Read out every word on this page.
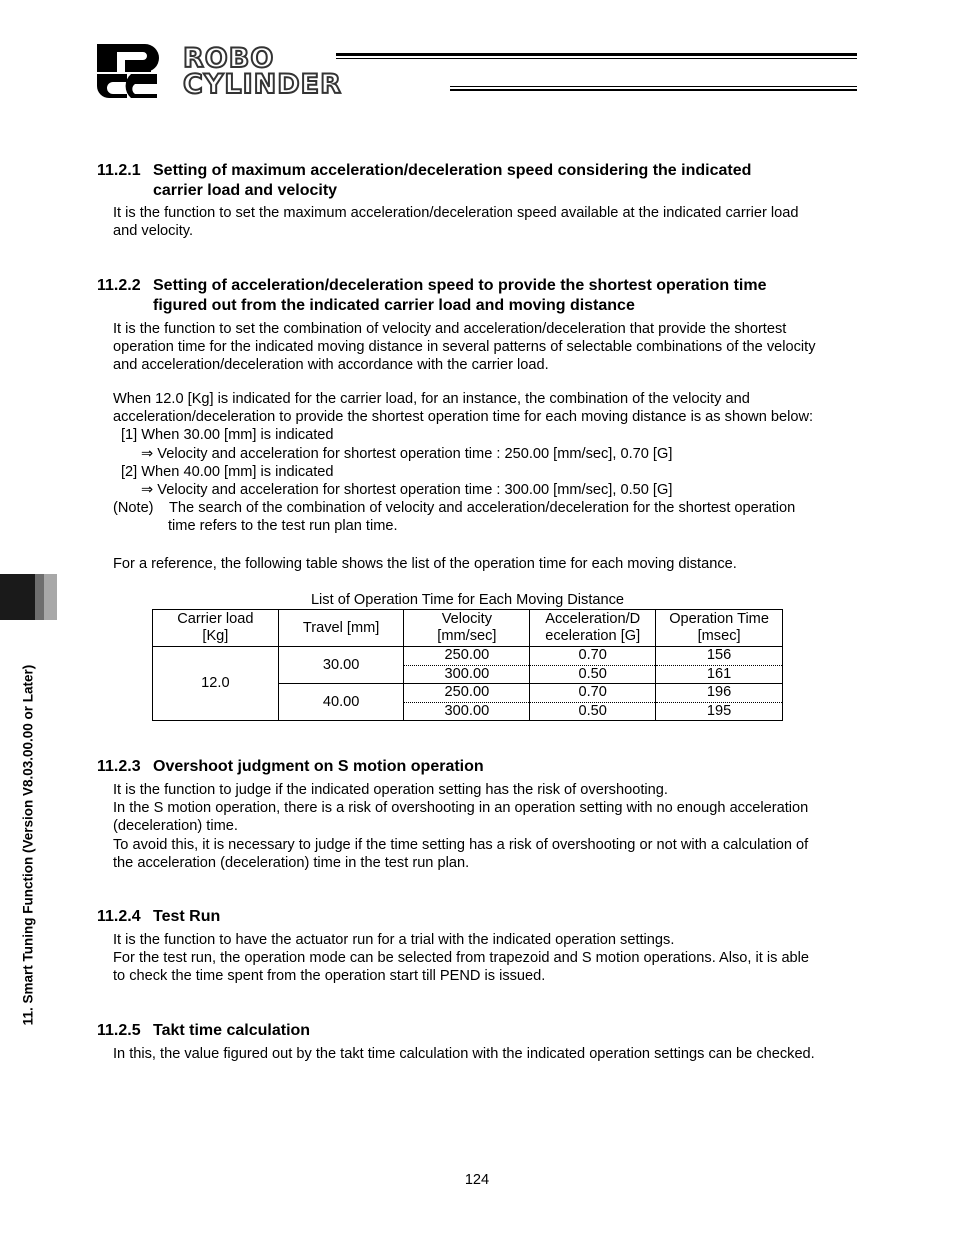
ROBO
CYLINDER
11. Smart Tuning Function (Version V8.03.00.00 or Later)
11.2.1 Setting of maximum acceleration/deceleration speed considering the indicated
carrier load and velocity

It is the function to set the maximum acceleration/deceleration speed available at the indicated carrier load

and velocity.

11.2.2 Setting of acceleration/deceleration speed to provide the shortest operation time
figured out from the indicated carrier load and moving distance

It is the function to set the combination of velocity and acceleration/deceleration that provide the shortest

operation time for the indicated moving distance in several patterns of selectable combinations of the velocity

and acceleration/deceleration with accordance with the carrier load.

When 12.0 [Kg] is indicated for the carrier load, for an instance, the combination of the velocity and

acceleration/deceleration to provide the shortest operation time for each moving distance is as shown below:

[1] When 30.00 [mm] is indicated

⇒ Velocity and acceleration for shortest operation time : 250.00 [mm/sec], 0.70 [G]

[2] When 40.00 [mm] is indicated

⇒ Velocity and acceleration for shortest operation time : 300.00 [mm/sec], 0.50 [G]

(Note) The search of the combination of velocity and acceleration/deceleration for the shortest operation

time refers to the test run plan time.

For a reference, the following table shows the list of the operation time for each moving distance.

List of Operation Time for Each Moving Distance
Carrier load
[Kg]	Travel [mm]	Velocity
[mm/sec]	Acceleration/D
eceleration [G]	Operation Time
[msec]
12.0	30.00	250.00	0.70	156
		300.00	0.50	161
	40.00	250.00	0.70	196
		300.00	0.50	195
11.2.3 Overshoot judgment on S motion operation

It is the function to judge if the indicated operation setting has the risk of overshooting.

In the S motion operation, there is a risk of overshooting in an operation setting with no enough acceleration

(deceleration) time.

To avoid this, it is necessary to judge if the time setting has a risk of overshooting or not with a calculation of

the acceleration (deceleration) time in the test run plan.

11.2.4 Test Run

It is the function to have the actuator run for a trial with the indicated operation settings.

For the test run, the operation mode can be selected from trapezoid and S motion operations. Also, it is able

to check the time spent from the operation start till PEND is issued.

11.2.5 Takt time calculation

In this, the value figured out by the takt time calculation with the indicated operation settings can be checked.

124
